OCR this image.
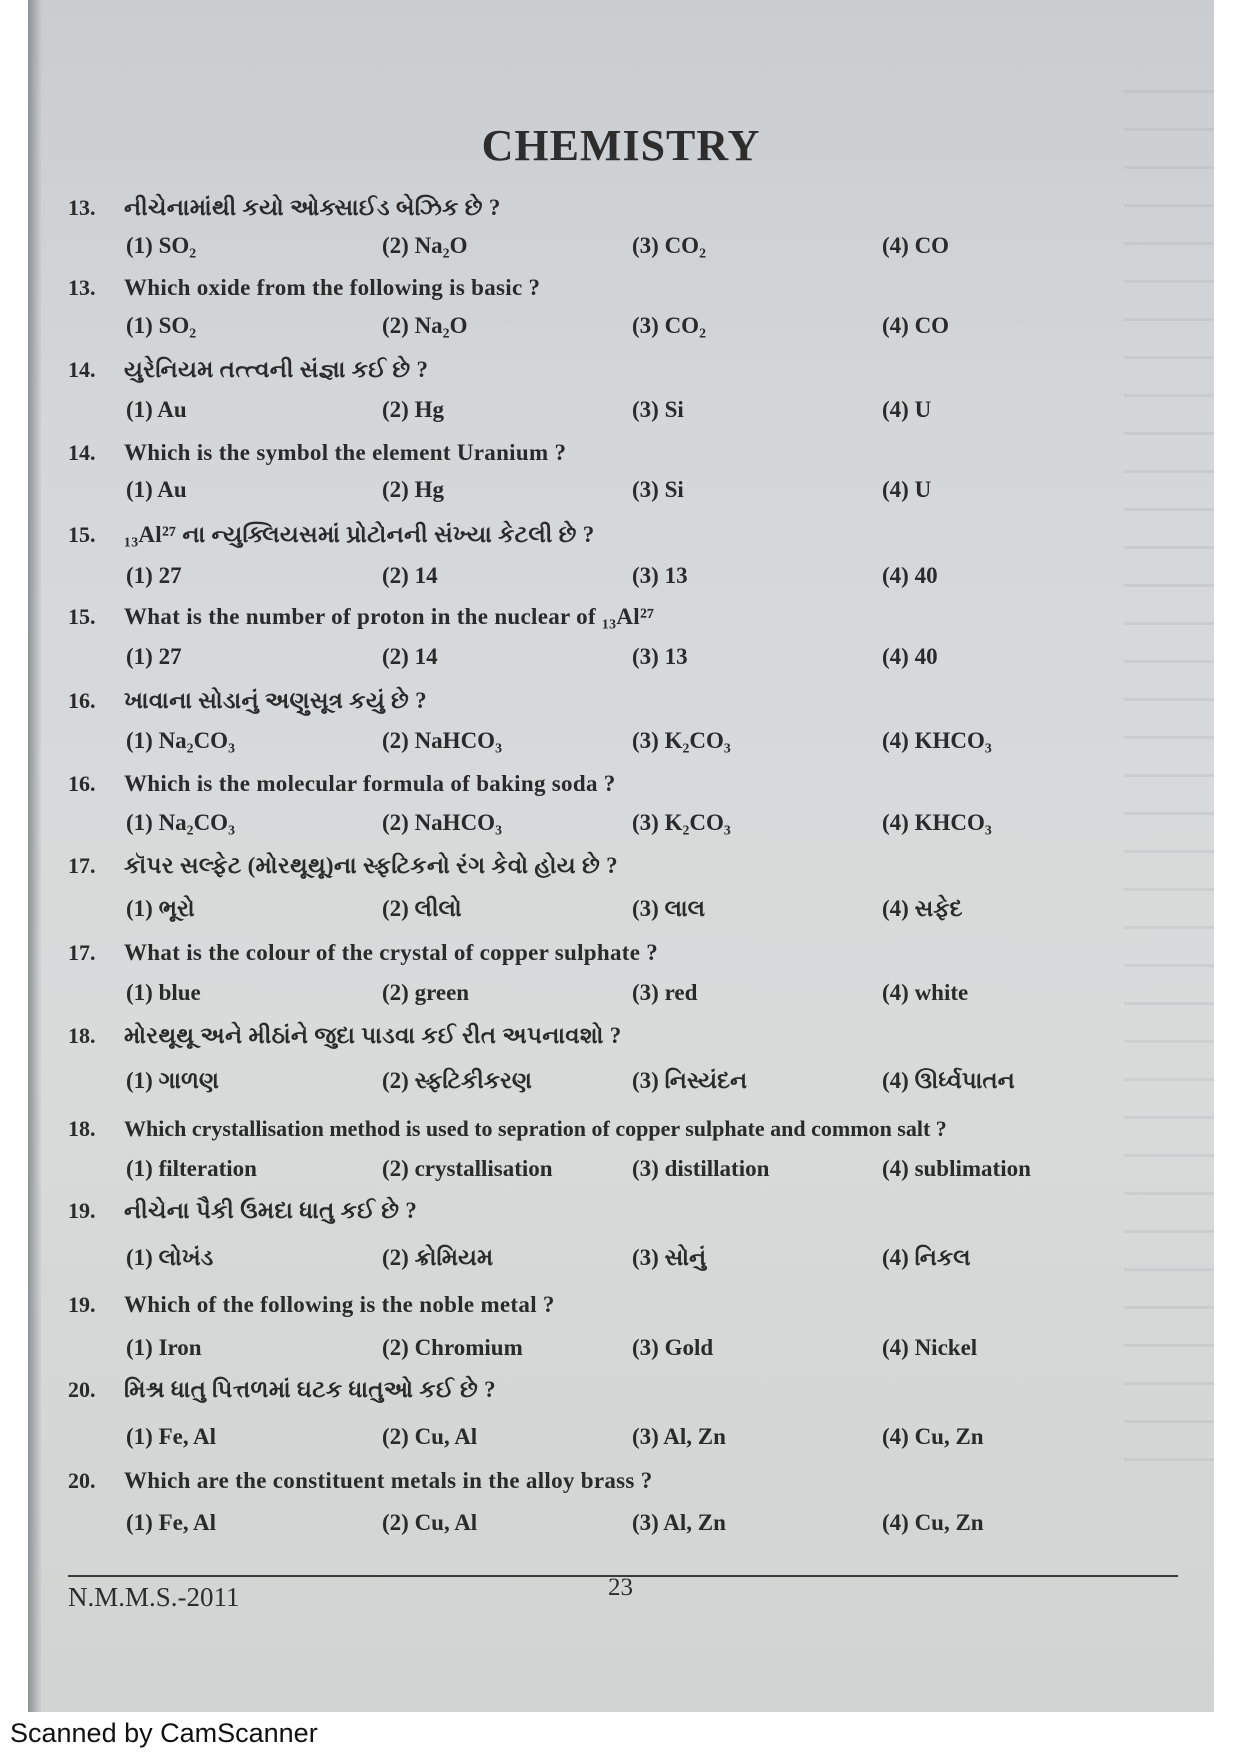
CHEMISTRY
13. નીચેનામાંથી કયો ઓક્સાઈડ બેઝિક છે ?
(1) SO₂	(2) Na₂O	(3) CO₂	(4) CO
13. Which oxide from the following is basic ?
(1) SO₂	(2) Na₂O	(3) CO₂	(4) CO
14. યુરેનિયમ તત્ત્વની સંજ્ઞા કઈ છે ?
(1) Au	(2) Hg	(3) Si	(4) U
14. Which is the symbol the element Uranium ?
(1) Au	(2) Hg	(3) Si	(4) U
15. ₁₃Al²⁷ ના ન્યુક્લિયસમાં પ્રોટોનની સંખ્યા કેટલી છે ?
(1) 27	(2) 14	(3) 13	(4) 40
15. What is the number of proton in the nuclear of ₁₃Al²⁷
(1) 27	(2) 14	(3) 13	(4) 40
16. ખાવાના સોડાનું અણુસૂત્ર કયું છે ?
(1) Na₂CO₃	(2) NaHCO₃	(3) K₂CO₃	(4) KHCO₃
16. Which is the molecular formula of baking soda ?
(1) Na₂CO₃	(2) NaHCO₃	(3) K₂CO₃	(4) KHCO₃
17. કૉપર સલ્ફેટ (મોરથૂથૂ)ના સ્ફટિકનો રંગ કેવો હોય છે ?
(1) ભૂરો	(2) લીલો	(3) લાલ	(4) સફેદ
17. What is the colour of the crystal of copper sulphate ?
(1) blue	(2) green	(3) red	(4) white
18. મોરથૂથૂ અને મીઠાંને જુદા પાડવા કઈ રીત અપનાવશો ?
(1) ગાળણ	(2) સ્ફટિકીકરણ	(3) નિસ્યંદન	(4) ઊર્ધ્વપાતન
18. Which crystallisation method is used to sepration of copper sulphate and common salt ?
(1) filteration	(2) crystallisation	(3) distillation	(4) sublimation
19. નીચેના પૈકી ઉમદા ધાતુ કઈ છે ?
(1) લોખંડ	(2) ક્રોમિયમ	(3) સોનું	(4) નિકલ
19. Which of the following is the noble metal ?
(1) Iron	(2) Chromium	(3) Gold	(4) Nickel
20. મિશ્ર ધાતુ પિત્તળમાં ઘટક ધાતુઓ કઈ છે ?
(1) Fe, Al	(2) Cu, Al	(3) Al, Zn	(4) Cu, Zn
20. Which are the constituent metals in the alloy brass ?
(1) Fe, Al	(2) Cu, Al	(3) Al, Zn	(4) Cu, Zn
N.M.M.S.-2011	23
Scanned by CamScanner
